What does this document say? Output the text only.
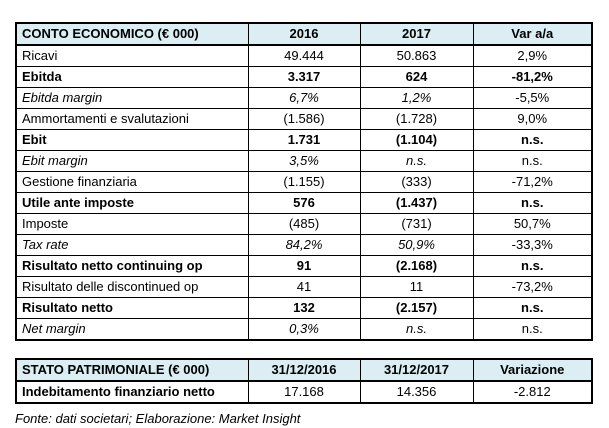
CONTO ECONOMICO (€ 000)	2016	2017	Var a/a
Ricavi	49.444	50.863	2,9%
Ebitda	3.317	624	-81,2%
Ebitda margin	6,7%	1,2%	-5,5%
Ammortamenti e svalutazioni	(1.586)	(1.728)	9,0%
Ebit	1.731	(1.104)	n.s.
Ebit margin	3,5%	n.s.	n.s.
Gestione finanziaria	(1.155)	(333)	-71,2%
Utile ante imposte	576	(1.437)	n.s.
Imposte	(485)	(731)	50,7%
Tax rate	84,2%	50,9%	-33,3%
Risultato netto continuing op	91	(2.168)	n.s.
Risultato delle discontinued op	41	11	-73,2%
Risultato netto	132	(2.157)	n.s.
Net margin	0,3%	n.s.	n.s.
STATO PATRIMONIALE (€ 000)	31/12/2016	31/12/2017	Variazione
Indebitamento finanziario netto	17.168	14.356	-2.812
Fonte: dati societari; Elaborazione: Market Insight
